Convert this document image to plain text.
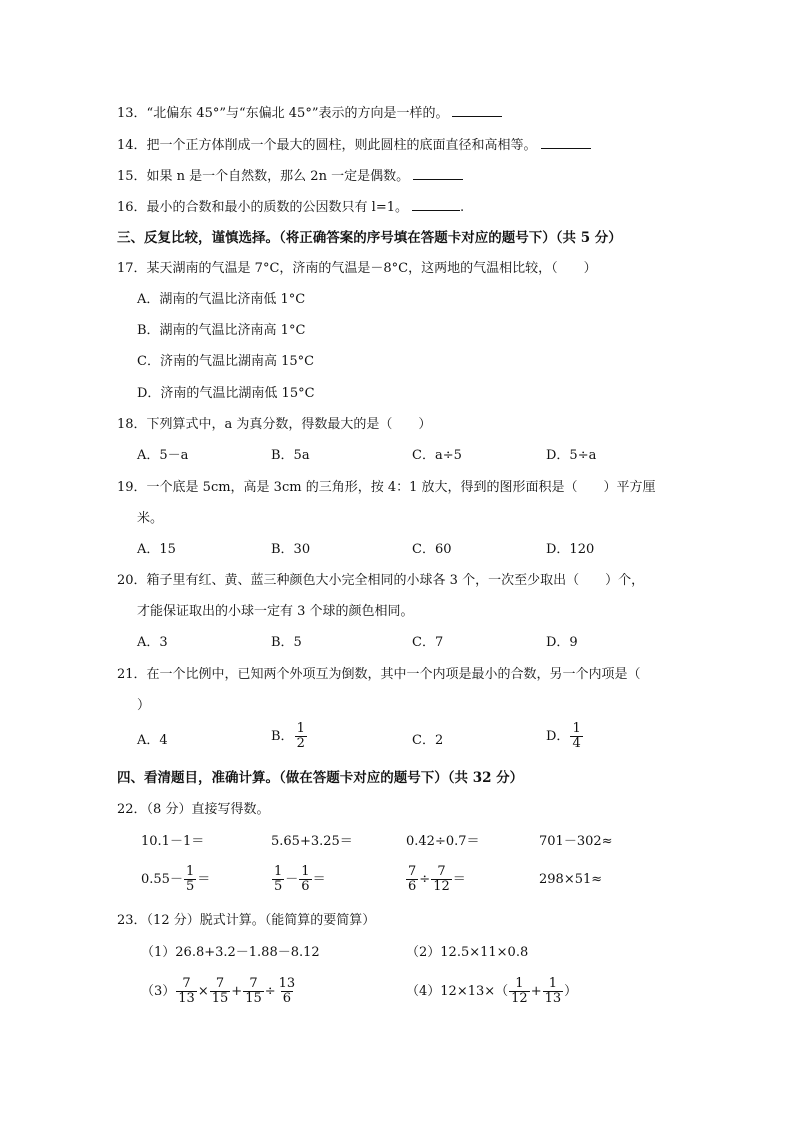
13．“北偏东 45°”与“东偏北 45°”表示的方向是一样的。
14．把一个正方体削成一个最大的圆柱，则此圆柱的底面直径和高相等。
15．如果 n 是一个自然数，那么 2n 一定是偶数。
16．最小的合数和最小的质数的公因数只有 l=1。	.
三、反复比较，谨慎选择。（将正确答案的序号填在答题卡对应的题号下）（共 5 分）
17．某天湖南的气温是 7°C，济南的气温是－8°C，这两地的气温相比较，（　　）
A．湖南的气温比济南低 1°C
B．湖南的气温比济南高 1°C
C．济南的气温比湖南高 15°C
D．济南的气温比湖南低 15°C
18．下列算式中，a 为真分数，得数最大的是（　　）
A．5－a	B．5a	C．a÷5	D．5÷a
19．一个底是 5cm，高是 3cm 的三角形，按 4：1 放大，得到的图形面积是（　　）平方厘
米。
A．15	B．30	C．60	D．120
20．箱子里有红、黄、蓝三种颜色大小完全相同的小球各 3 个，一次至少取出（　　）个，
才能保证取出的小球一定有 3 个球的颜色相同。
A．3	B．5	C．7	D．9
21．在一个比例中，已知两个外项互为倒数，其中一个内项是最小的合数，另一个内项是（
）
A．4	B． $\frac{1}{2}$	C．2	D． $\frac{1}{4}$
四、看清题目，准确计算。（做在答题卡对应的题号下）（共 32 分）
22．（8 分）直接写得数。
10.1－1＝	5.65+3.25＝	0.42÷0.7＝	701－302≈
$0.55- \frac{1}{5}$ ＝	$\frac{1}{5} - \frac{1}{6}$ ＝	$\frac{7}{6} \div \frac{7}{12}$ ＝	298×51≈
23．（12 分）脱式计算。（能简算的要简算）
（1）26.8+3.2－1.88－8.12	（2）12.5×11×0.8
$(3) \frac{7}{13} \times \frac{7}{15} + \frac{7}{15} \div \frac{13}{6}$	$(4)12\times 13\times( \frac{1}{12} + \frac{1}{13}$ ）
